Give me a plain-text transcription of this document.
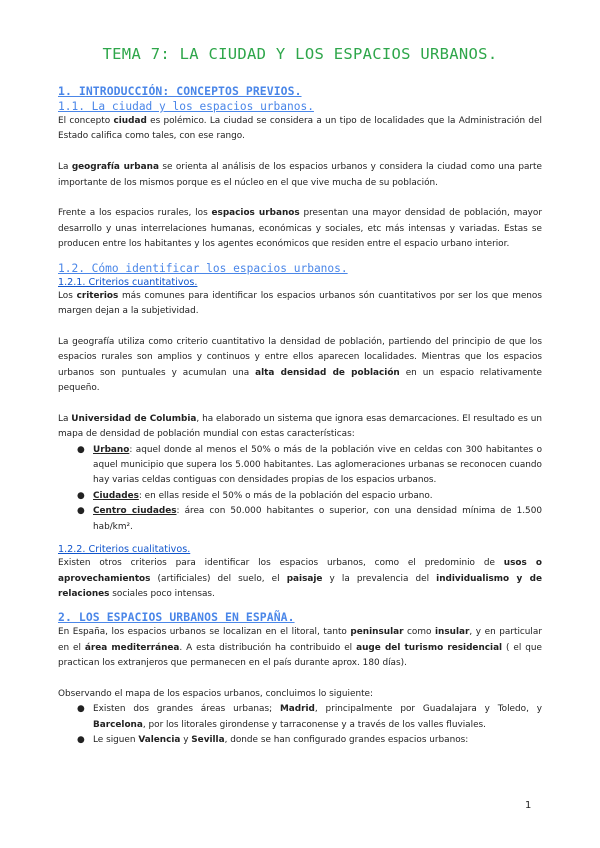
TEMA 7: LA CIUDAD Y LOS ESPACIOS URBANOS.
1. INTRODUCCIÓN: CONCEPTOS PREVIOS.
1.1. La ciudad y los espacios urbanos.

El concepto ciudad es polémico. La ciudad se considera a un tipo de localidades que la Administración del Estado califica como tales, con ese rango.

La geografía urbana se orienta al análisis de los espacios urbanos y considera la ciudad como una parte importante de los mismos porque es el núcleo en el que vive mucha de su población.

Frente a los espacios rurales, los espacios urbanos presentan una mayor densidad de población, mayor desarrollo y unas interrelaciones humanas, económicas y sociales, etc más intensas y variadas. Estas se producen entre los habitantes y los agentes económicos que residen entre el espacio urbano interior.

1.2. Cómo identificar los espacios urbanos.
1.2.1. Criterios cuantitativos.

Los criterios más comunes para identificar los espacios urbanos són cuantitativos por ser los que menos margen dejan a la subjetividad.

La geografía utiliza como criterio cuantitativo la densidad de población, partiendo del principio de que los espacios rurales son amplios y continuos y entre ellos aparecen localidades. Mientras que los espacios urbanos son puntuales y acumulan una alta densidad de población en un espacio relativamente pequeño.

La Universidad de Columbia, ha elaborado un sistema que ignora esas demarcaciones. El resultado es un mapa de densidad de población mundial con estas características:

● Urbano: aquel donde al menos el 50% o más de la población vive en celdas con 300 habitantes o aquel municipio que supera los 5.000 habitantes. Las aglomeraciones urbanas se reconocen cuando hay varias celdas contiguas con densidades propias de los espacios urbanos.
● Ciudades: en ellas reside el 50% o más de la población del espacio urbano.
● Centro ciudades: área con 50.000 habitantes o superior, con una densidad mínima de 1.500 hab/km².
1.2.2. Criterios cualitativos.

Existen otros criterios para identificar los espacios urbanos, como el predominio de usos o aprovechamientos (artificiales) del suelo, el paisaje y la prevalencia del individualismo y de relaciones sociales poco intensas.

2. LOS ESPACIOS URBANOS EN ESPAÑA.

En España, los espacios urbanos se localizan en el litoral, tanto peninsular como insular, y en particular en el área mediterránea. A esta distribución ha contribuido el auge del turismo residencial ( el que practican los extranjeros que permanecen en el país durante aprox. 180 días).

Observando el mapa de los espacios urbanos, concluimos lo siguiente:

● Existen dos grandes áreas urbanas; Madrid, principalmente por Guadalajara y Toledo, y Barcelona, por los litorales girondense y tarraconense y a través de los valles fluviales.
● Le siguen Valencia y Sevilla, donde se han configurado grandes espacios urbanos:
1
